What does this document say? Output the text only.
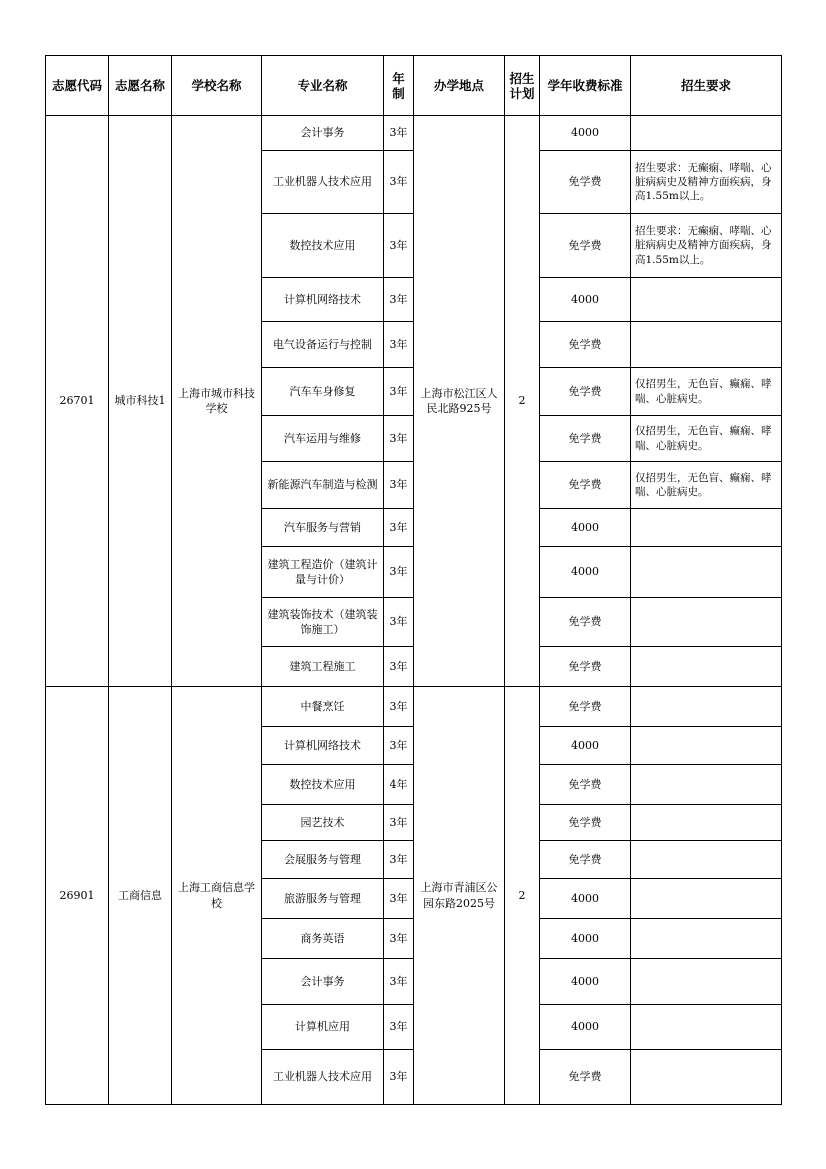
志愿代码	志愿名称	学校名称	专业名称	年制	办学地点	招生计划	学年收费标准	招生要求
26701	城市科技1	上海市城市科技学校	会计事务	3年	上海市松江区人民北路925号	2	4000	
			工业机器人技术应用	3年			免学费	招生要求：无癫痫、哮喘、心脏病病史及精神方面疾病，身高1.55m以上。
			数控技术应用	3年			免学费	招生要求：无癫痫、哮喘、心脏病病史及精神方面疾病，身高1.55m以上。
			计算机网络技术	3年			4000	
			电气设备运行与控制	3年			免学费	
			汽车车身修复	3年			免学费	仅招男生，无色盲、癫痫、哮喘、心脏病史。
			汽车运用与维修	3年			免学费	仅招男生，无色盲、癫痫、哮喘、心脏病史。
			新能源汽车制造与检测	3年			免学费	仅招男生，无色盲、癫痫、哮喘、心脏病史。
			汽车服务与营销	3年			4000	
			建筑工程造价（建筑计量与计价）	3年			4000	
			建筑装饰技术（建筑装饰施工）	3年			免学费	
			建筑工程施工	3年			免学费	
26901	工商信息	上海工商信息学校	中餐烹饪	3年	上海市青浦区公园东路2025号	2	免学费	
			计算机网络技术	3年			4000	
			数控技术应用	4年			免学费	
			园艺技术	3年			免学费	
			会展服务与管理	3年			免学费	
			旅游服务与管理	3年			4000	
			商务英语	3年			4000	
			会计事务	3年			4000	
			计算机应用	3年			4000	
			工业机器人技术应用	3年			免学费	
